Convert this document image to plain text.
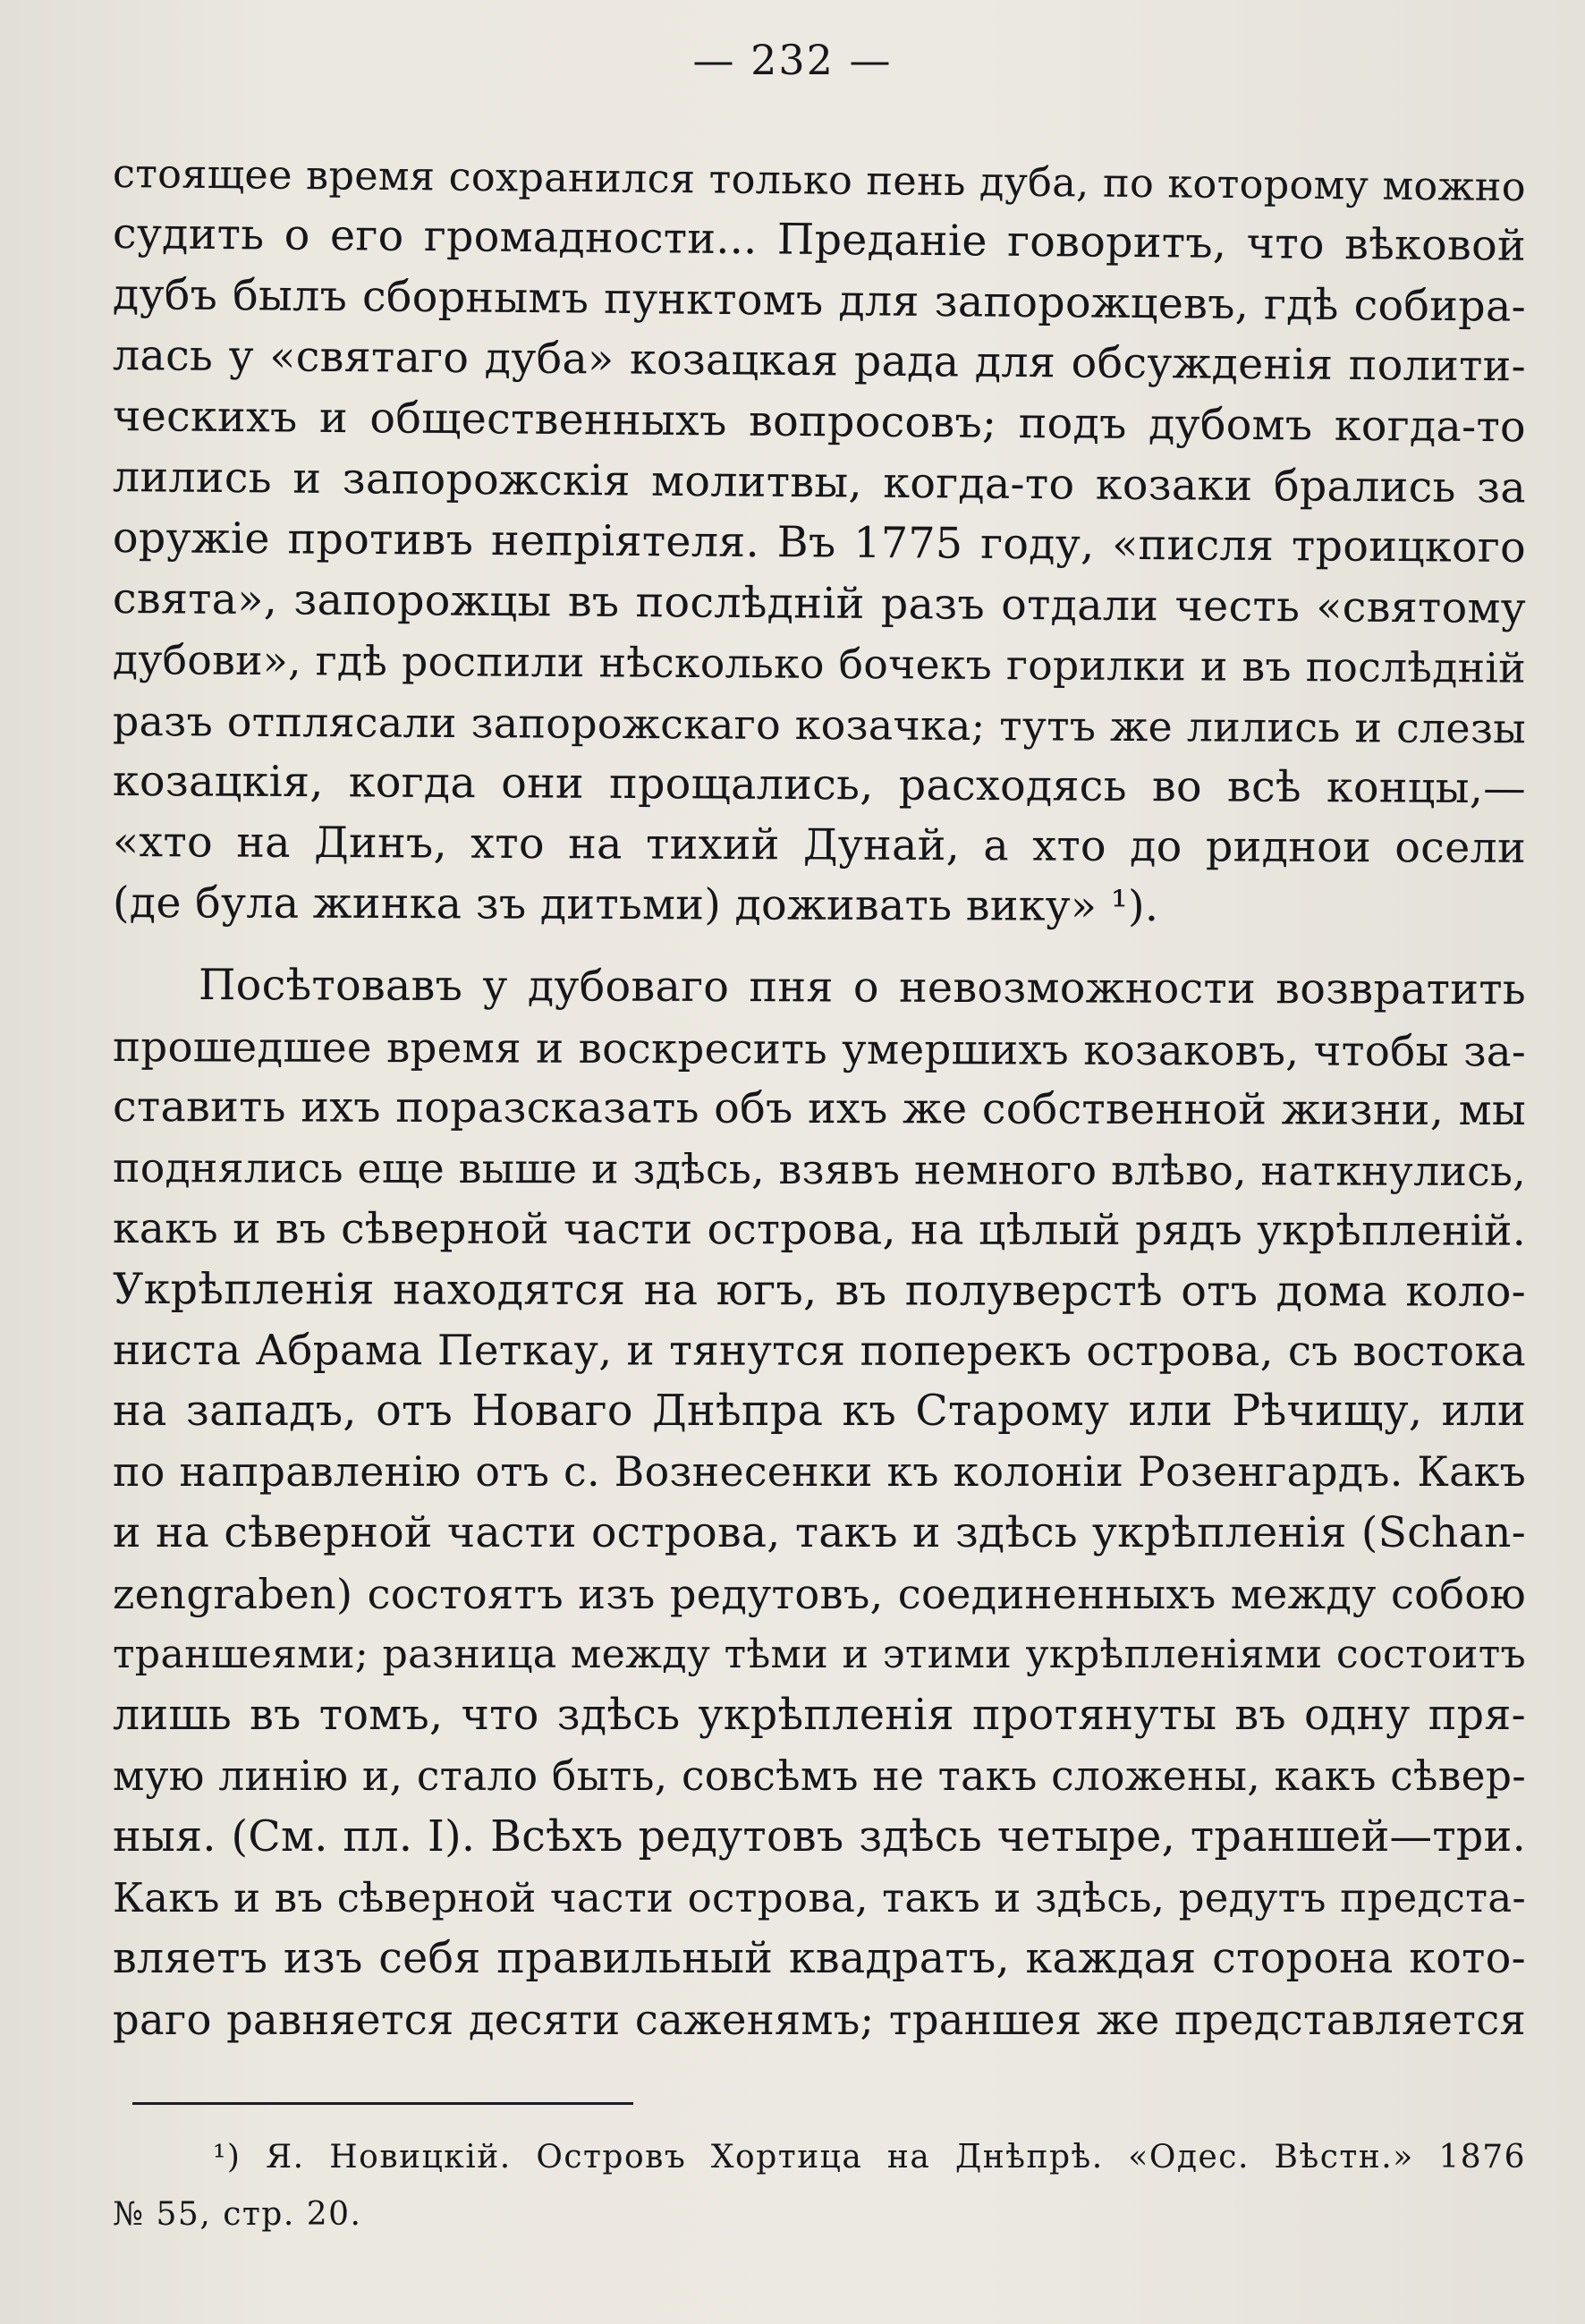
— 232 —
стоящее время сохранился только пень дуба, по которому можно
судить о его громадности... Преданіе говоритъ, что вѣковой
дубъ былъ сборнымъ пунктомъ для запорожцевъ, гдѣ собира-
лась у «святаго дуба» козацкая рада для обсужденія полити-
ческихъ и общественныхъ вопросовъ; подъ дубомъ когда-то
лились и запорожскія молитвы, когда-то козаки брались за
оружіе противъ непріятеля. Въ 1775 году, «писля троицкого
свята», запорожцы въ послѣдній разъ отдали честь «святому
дубови», гдѣ роспили нѣсколько бочекъ горилки и въ послѣдній
разъ отплясали запорожскаго козачка; тутъ же лились и слезы
козацкія, когда они прощались, расходясь во всѣ концы,—
«хто на Динъ, хто на тихий Дунай, а хто до риднои осели
(де була жинка зъ дитьми) доживать вику» ¹).
Посѣтовавъ у дубоваго пня о невозможности возвратить
прошедшее время и воскресить умершихъ козаковъ, чтобы за-
ставить ихъ поразсказать объ ихъ же собственной жизни, мы
поднялись еще выше и здѣсь, взявъ немного влѣво, наткнулись,
какъ и въ сѣверной части острова, на цѣлый рядъ укрѣпленій.
Укрѣпленія находятся на югъ, въ полуверстѣ отъ дома коло-
ниста Абрама Петкау, и тянутся поперекъ острова, съ востока
на западъ, отъ Новаго Днѣпра къ Старому или Рѣчищу, или
по направленію отъ с. Вознесенки къ колоніи Розенгардъ. Какъ
и на сѣверной части острова, такъ и здѣсь укрѣпленія (Schan-
zengraben) состоятъ изъ редутовъ, соединенныхъ между собою
траншеями; разница между тѣми и этими укрѣпленіями состоитъ
лишь въ томъ, что здѣсь укрѣпленія протянуты въ одну пря-
мую линію и, стало быть, совсѣмъ не такъ сложены, какъ сѣвер-
ныя. (См. пл. I). Всѣхъ редутовъ здѣсь четыре, траншей—три.
Какъ и въ сѣверной части острова, такъ и здѣсь, редутъ предста-
вляетъ изъ себя правильный квадратъ, каждая сторона кото-
раго равняется десяти саженямъ; траншея же представляется
¹) Я. Новицкій. Островъ Хортица на Днѣпрѣ. «Одес. Вѣстн.» 1876
№ 55, стр. 20.
